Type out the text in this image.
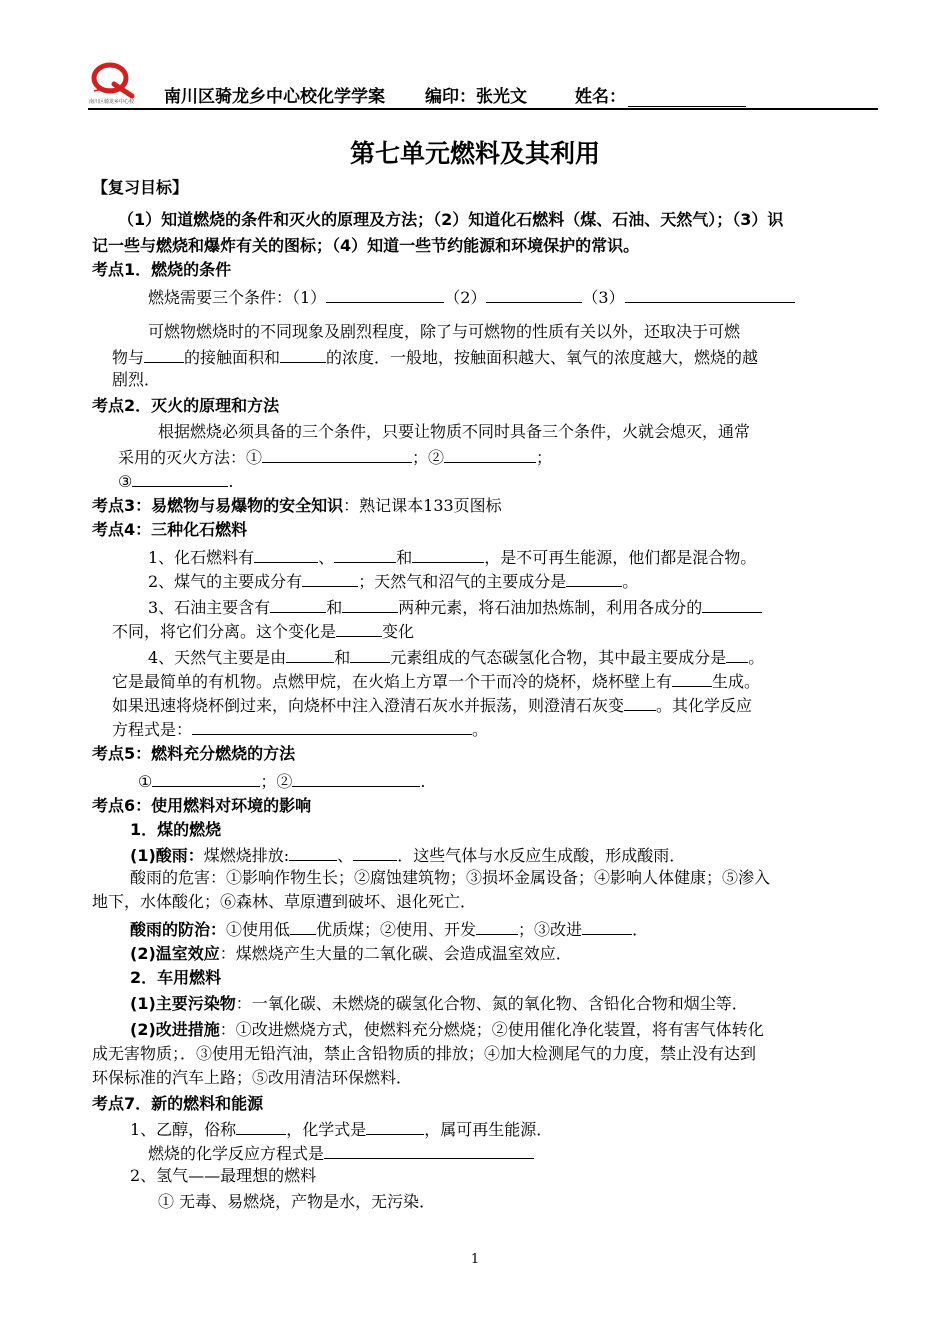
南川区骑龙乡中心校 南川区骑龙乡中心校化学学案 编印：张光文	姓名：
第七单元燃料及其利用
【复习目标】
（1）知道燃烧的条件和灭火的原理及方法；（2）知道化石燃料（煤、石油、天然气）；（3）识
记一些与燃烧和爆炸有关的图标；（4）知道一些节约能源和环境保护的常识。
考点1．燃烧的条件
燃烧需要三个条件：（1）	（2）	（3）
可燃物燃烧时的不同现象及剧烈程度，除了与可燃物的性质有关以外，还取决于可燃
物与	的接触面积和	的浓度．一般地，按触面积越大、氧气的浓度越大，燃烧的越
剧烈．
考点2．灭火的原理和方法
根据燃烧必须具备的三个条件，只要让物质不同时具备三个条件，火就会熄灭，通常
采用的灭火方法：①	；②	；
③	.
考点3：易燃物与易爆物的安全知识：熟记课本133页图标
考点4：三种化石燃料
1、化石燃料有	、	和	，是不可再生能源，他们都是混合物。
2、煤气的主要成分有	；天然气和沼气的主要成分是	。
3、石油主要含有	和	两种元素，将石油加热炼制，利用各成分的
不同，将它们分离。这个变化是	变化
4、天然气主要是由	和	元素组成的气态碳氢化合物，其中最主要成分是 。
它是最简单的有机物。点燃甲烷，在火焰上方罩一个干而冷的烧杯，烧杯壁上有	生成。
如果迅速将烧杯倒过来，向烧杯中注入澄清石灰水并振荡，则澄清石灰变 。其化学反应
方程式是：	。
考点5：燃料充分燃烧的方法
①	；②	.
考点6：使用燃料对环境的影响
1．煤的燃烧
(1)酸雨：煤燃烧排放:	、	．这些气体与水反应生成酸，形成酸雨．
酸雨的危害：①影响作物生长；②腐蚀建筑物；③损坏金属设备；④影响人体健康；⑤渗入
地下，水体酸化；⑥森林、草原遭到破坏、退化死亡．
酸雨的防治：①使用低 优质煤；②使用、开发	；③改进	．
(2)温室效应：煤燃烧产生大量的二氧化碳、会造成温室效应．
2．车用燃料
(1)主要污染物：一氧化碳、未燃烧的碳氢化合物、氮的氧化物、含铅化合物和烟尘等．
(2)改进措施：①改进燃烧方式，使燃料充分燃烧；②使用催化净化装置，将有害气体转化
成无害物质；．③使用无铅汽油，禁止含铅物质的排放；④加大检测尾气的力度，禁止没有达到
环保标准的汽车上路；⑤改用清洁环保燃料．
考点7．新的燃料和能源
1、乙醇，俗称	，化学式是	，属可再生能源．
燃烧的化学反应方程式是
2、氢气——最理想的燃料
① 无毒、易燃烧，产物是水，无污染．
1
